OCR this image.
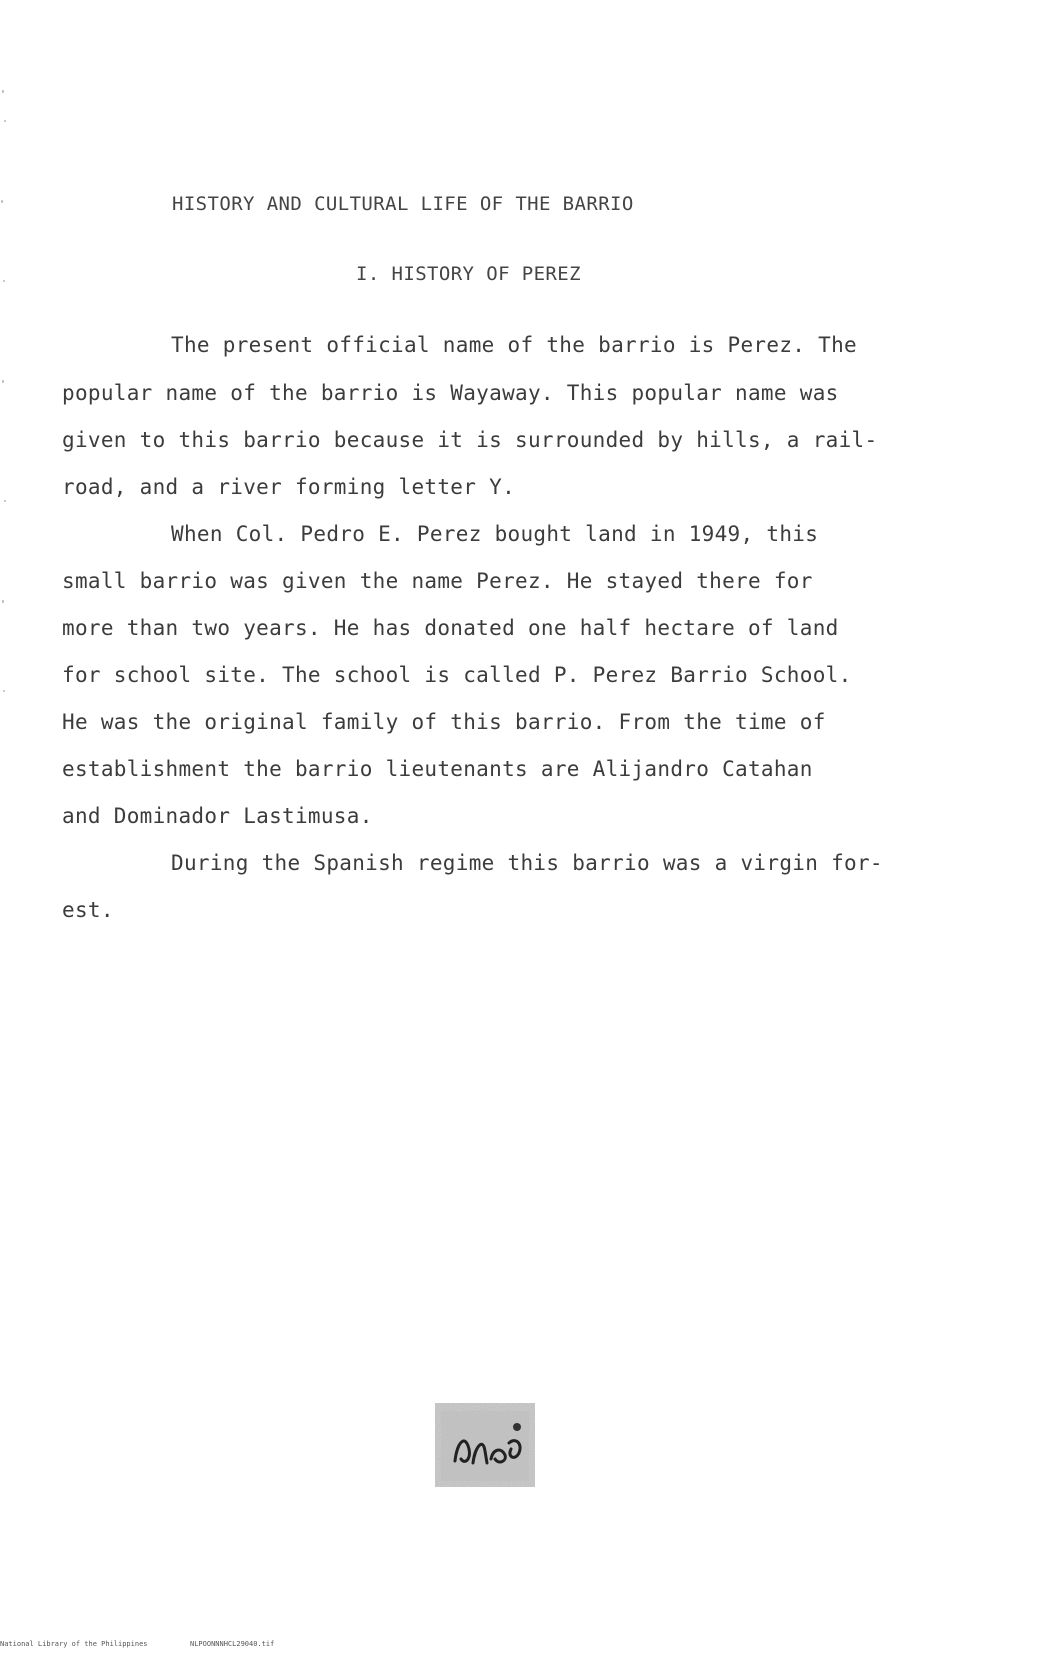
HISTORY AND CULTURAL LIFE OF THE BARRIO
I. HISTORY OF PEREZ
The present official name of the barrio is Perez. The
popular name of the barrio is Wayaway. This popular name was
given to this barrio because it is surrounded by hills, a rail-
road, and a river forming letter Y.
When Col. Pedro E. Perez bought land in 1949, this
small barrio was given the name Perez. He stayed there for
more than two years. He has donated one half hectare of land
for school site. The school is called P. Perez Barrio School.
He was the original family of this barrio. From the time of
establishment the barrio lieutenants are Alijandro Catahan
and Dominador Lastimusa.
During the Spanish regime this barrio was a virgin for-
est.
National Library of the Philippines	NLPOONNNHCL29040.tif
